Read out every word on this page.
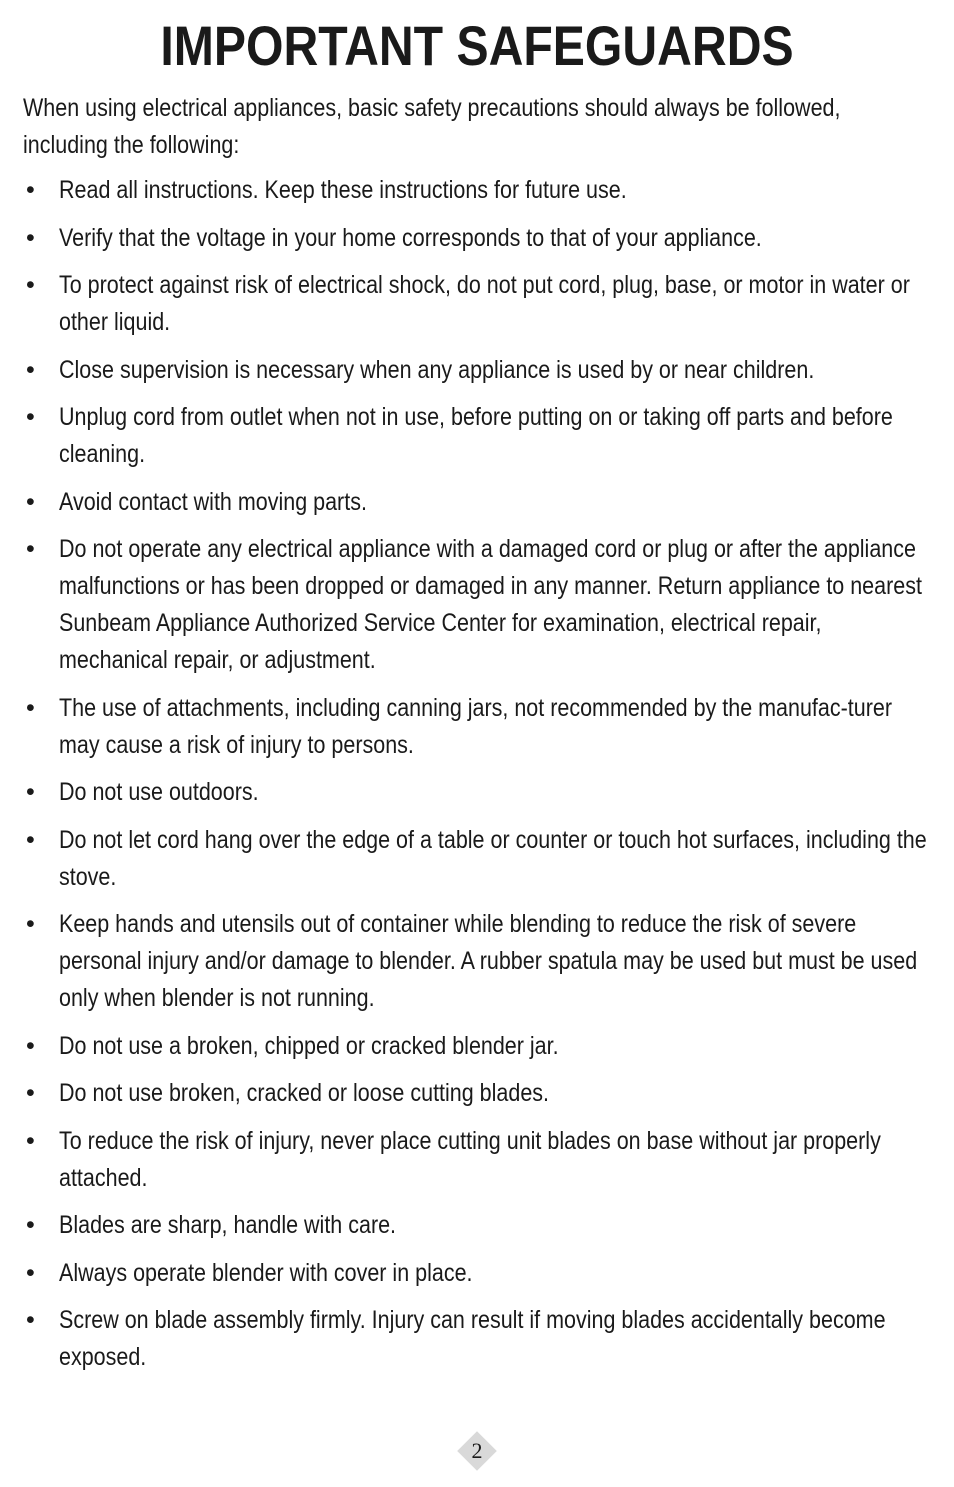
IMPORTANT SAFEGUARDS

When using electrical appliances, basic safety precautions should always be followed, including the following:

• Read all instructions. Keep these instructions for future use.
• Verify that the voltage in your home corresponds to that of your appliance.
• To protect against risk of electrical shock, do not put cord, plug, base, or motor in water or other liquid.
• Close supervision is necessary when any appliance is used by or near children.
• Unplug cord from outlet when not in use, before putting on or taking off parts and before cleaning.
• Avoid contact with moving parts.
• Do not operate any electrical appliance with a damaged cord or plug or after the appliance malfunctions or has been dropped or damaged in any manner. Return appliance to nearest Sunbeam Appliance Authorized Service Center for examination, electrical repair, mechanical repair, or adjustment.
• The use of attachments, including canning jars, not recommended by the manufac-turer may cause a risk of injury to persons.
• Do not use outdoors.
• Do not let cord hang over the edge of a table or counter or touch hot surfaces, including the stove.
• Keep hands and utensils out of container while blending to reduce the risk of severe personal injury and/or damage to blender. A rubber spatula may be used but must be used only when blender is not running.
• Do not use a broken, chipped or cracked blender jar.
• Do not use broken, cracked or loose cutting blades.
• To reduce the risk of injury, never place cutting unit blades on base without jar properly attached.
• Blades are sharp, handle with care.
• Always operate blender with cover in place.
• Screw on blade assembly firmly. Injury can result if moving blades accidentally become exposed.
2
